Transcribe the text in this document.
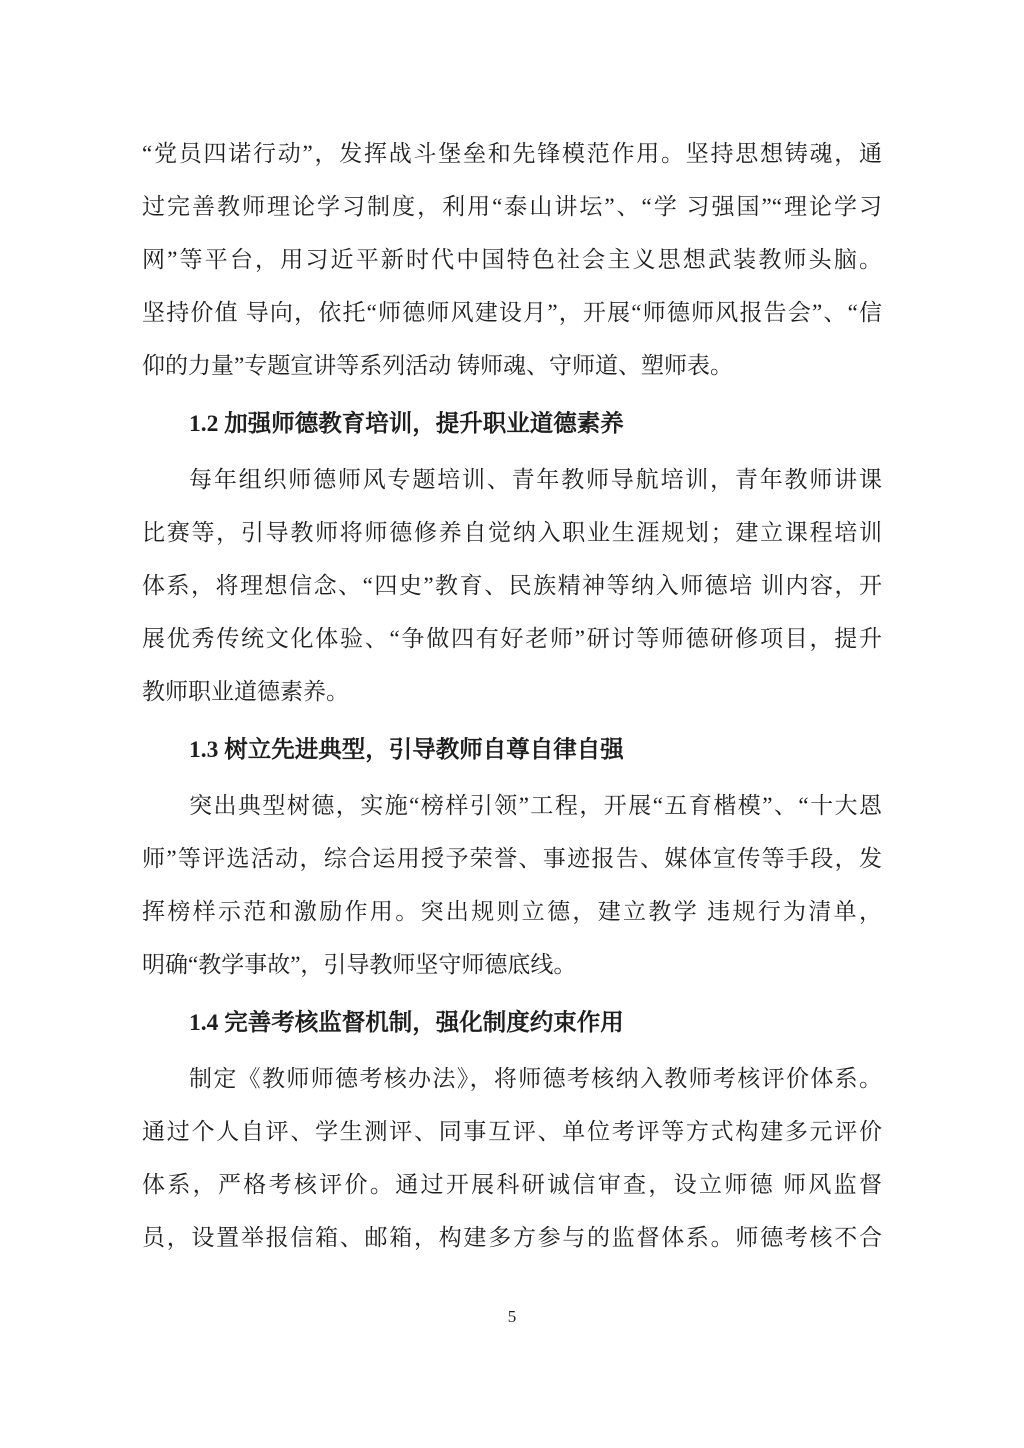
“党员四诺行动”，发挥战斗堡垒和先锋模范作用。坚持思想铸魂，通
过完善教师理论学习制度，利用“泰山讲坛”、“学 习强国”“理论学习
网”等平台，用习近平新时代中国特色社会主义思想武装教师头脑。
坚持价值 导向，依托“师德师风建设月”，开展“师德师风报告会”、“信
仰的力量”专题宣讲等系列活动 铸师魂、守师道、塑师表。
1.2 加强师德教育培训，提升职业道德素养
每年组织师德师风专题培训、青年教师导航培训，青年教师讲课
比赛等，引导教师将师德修养自觉纳入职业生涯规划；建立课程培训
体系，将理想信念、“四史”教育、民族精神等纳入师德培 训内容，开
展优秀传统文化体验、“争做四有好老师”研讨等师德研修项目，提升
教师职业道德素养。
1.3 树立先进典型，引导教师自尊自律自强
突出典型树德，实施“榜样引领”工程，开展“五育楷模”、“十大恩
师”等评选活动，综合运用授予荣誉、事迹报告、媒体宣传等手段，发
挥榜样示范和激励作用。突出规则立德，建立教学 违规行为清单，
明确“教学事故”，引导教师坚守师德底线。
1.4 完善考核监督机制，强化制度约束作用
制定《教师师德考核办法》，将师德考核纳入教师考核评价体系。
通过个人自评、学生测评、同事互评、单位考评等方式构建多元评价
体系，严格考核评价。通过开展科研诚信审查，设立师德 师风监督
员，设置举报信箱、邮箱，构建多方参与的监督体系。师德考核不合
5
